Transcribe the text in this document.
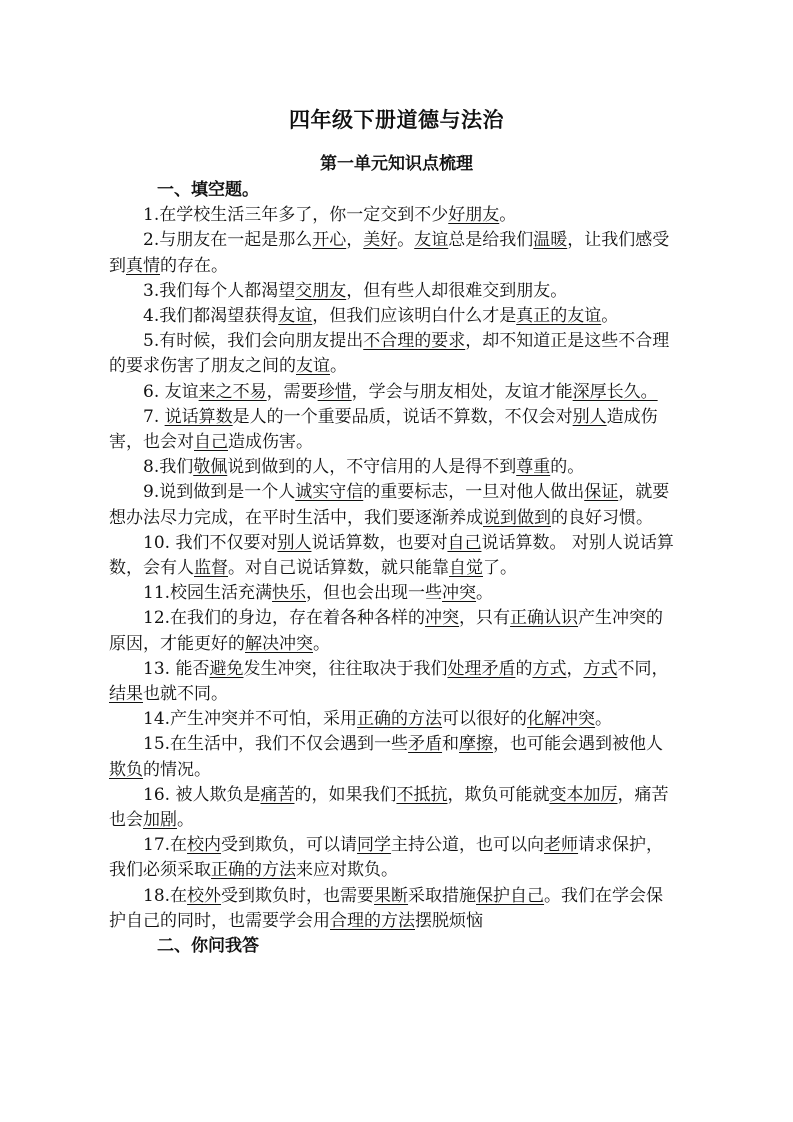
四年级下册道德与法治
第一单元知识点梳理
一、填空题。
1.在学校生活三年多了，你一定交到不少好朋友。
2.与朋友在一起是那么开心，美好。友谊总是给我们温暖，让我们感受到真情的存在。
3.我们每个人都渴望交朋友，但有些人却很难交到朋友。
4.我们都渴望获得友谊，但我们应该明白什么才是真正的友谊。
5.有时候，我们会向朋友提出不合理的要求，却不知道正是这些不合理的要求伤害了朋友之间的友谊。
6. 友谊来之不易，需要珍惜，学会与朋友相处，友谊才能深厚长久。
7. 说话算数是人的一个重要品质，说话不算数，不仅会对别人造成伤害，也会对自己造成伤害。
8.我们敬佩说到做到的人，不守信用的人是得不到尊重的。
9.说到做到是一个人诚实守信的重要标志，一旦对他人做出保证，就要想办法尽力完成，在平时生活中，我们要逐渐养成说到做到的良好习惯。
10. 我们不仅要对别人说话算数，也要对自己说话算数。 对别人说话算数，会有人监督。对自己说话算数，就只能靠自觉了。
11.校园生活充满快乐，但也会出现一些冲突。
12.在我们的身边，存在着各种各样的冲突，只有正确认识产生冲突的原因，才能更好的解决冲突。
13. 能否避免发生冲突，往往取决于我们处理矛盾的方式，方式不同，结果也就不同。
14.产生冲突并不可怕，采用正确的方法可以很好的化解冲突。
15.在生活中，我们不仅会遇到一些矛盾和摩擦，也可能会遇到被他人欺负的情况。
16. 被人欺负是痛苦的，如果我们不抵抗，欺负可能就变本加厉，痛苦也会加剧。
17.在校内受到欺负，可以请同学主持公道，也可以向老师请求保护，我们必须采取正确的方法来应对欺负。
18.在校外受到欺负时，也需要果断采取措施保护自己。我们在学会保护自己的同时，也需要学会用合理的方法摆脱烦恼
二、你问我答
